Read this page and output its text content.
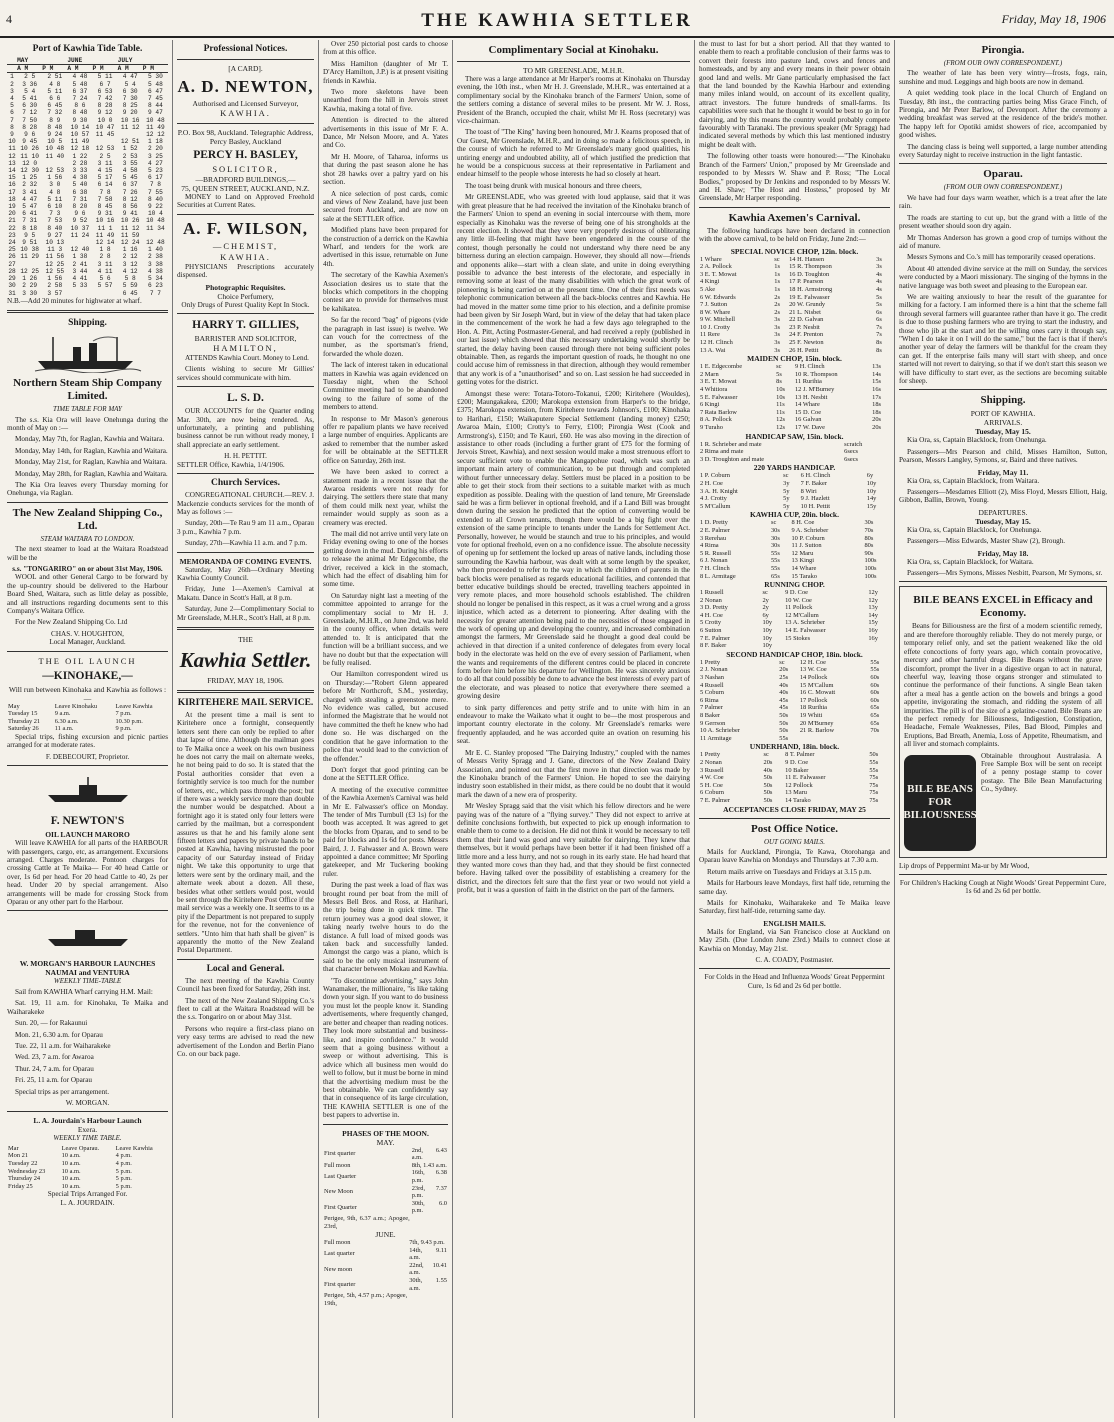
4	THE KAWHIA SETTLER	Friday, May 18, 1906
Port of Kawhia Tide Table.
	MAY		JUNE		JULY	
	A M	P M	A M	P M	A M	P M
1	2 5	2 51	4 48	5 11	4 47	5 30
2	3 36	4 8	5 48	6 7	5 4	5 48
3	5 4	5 11	6 37	6 53	6 30	6 47
4	5 41	6 6	7 24	7 42	7 30	7 45
5	6 30	6 45	8 6	8 28	8 25	8 44
6	7 12	7 32	8 48	9 12	9 20	9 47
7	7 50	8 9	9 30	10 0	10 16	10 48
8	8 28	8 48	10 14	10 47	11 12	11 49
9	9 6	9 24	10 57	11 45		12 12
10	9 45	10 5	11 49		12 51	1 18
11	10 26	10 48	12 18	12 53	1 52	2 20
12	11 10	11 40	1 22	2 5	2 53	3 25
13	12 0		2 28	3 11	3 55	4 27
14	12 30	12 53	3 33	4 15	4 58	5 23
15	1 25	1 56	4 38	5 17	5 45	6 17
16	2 32	3 0	5 40	6 14	6 37	7 8
17	3 41	4 8	6 38	7 8	7 26	7 55
18	4 47	5 11	7 31	7 58	8 12	8 40
19	5 47	6 10	8 20	8 45	8 56	9 22
20	6 41	7 3	9 6	9 31	9 41	10 4
21	7 31	7 53	9 52	10 16	10 26	10 48
22	8 18	8 40	10 37	11 1	11 12	11 34
23	9 5	9 27	11 24	11 49	11 59	
24	9 51	10 13		12 14	12 24	12 48
25	10 38	11 3	12 40	1 8	1 16	1 40
26	11 29	11 56	1 38	2 8	2 12	2 38
27		12 25	2 41	3 11	3 12	3 38
28	12 25	12 55	3 44	4 11	4 12	4 38
29	1 26	1 56	4 41	5 6	5 8	5 34
30	2 29	2 58	5 33	5 57	5 59	6 23
31	3 30	3 57			6 45	7 7

N.B.—Add 20 minutes for highwater at wharf.

Shipping.
Northern Steam Ship Company Limited.
TIME TABLE FOR MAY

The s.s. Kia Ora will leave Onehunga during the month of May on :—

Monday, May 7th, for Raglan, Kawhia and Waitara.

Monday, May 14th, for Raglan, Kawhia and Waitara.

Monday, May 21st, for Raglan, Kawhia and Waitara.

Monday, May 28th, for Raglan, Kawhia and Waitara.

The Kia Ora leaves every Thursday morning for Onehunga, via Raglan.

The New Zealand Shipping Co., Ltd.
STEAM WAITARA TO LONDON.

The next steamer to load at the Waitara Roadstead will be the

s.s. "TONGARIRO" on or about 31st May, 1906.

WOOL and other General Cargo to be forward by the up-country should be delivered to the Harbour Board Shed, Waitara, such as little delay as possible, and all instructions regarding documents sent to this Company's Waitara Office.

For the New Zealand Shipping Co. Ltd

CHAS. V. HOUGHTON,
Local Manager, Auckland.
THE OIL LAUNCH
—KINOHAKE,—
Will run between Kinohaka and Kawhia as follows :—
May	Leave Kinohaku	Leave Kawhia
Tuesday 15	9 a.m.	7 p.m.
Thursday 21	6.30 a.m.	10.30 p.m.
Saturday 26	11 a.m.	9 p.m.

Special trips, fishing excursion and picnic parties arranged for at moderate rates.

F. DEBECOURT, Proprietor.
F. NEWTON'S
OIL LAUNCH MARORO

Will leave KAWHIA for all parts of the HARBOUR with passengers, cargo, etc, as arrangement. Excursions arranged. Charges moderate. Pontoon charges for crossing Cattle at Te Maika— For 40 head Cattle or over, 1s 6d per head. For 20 head Cattle to 40, 2s per head. Under 20 by special arrangement. Also arrangements will be made for crossing Stock from Oparau or any other part fo the Harbour.

W. MORGAN'S HARBOUR LAUNCHES NAUMAI and VENTURA
WEEKLY TIME-TABLE

Sail from KAWHIA Wharf carrying H.M. Mail:

Sat. 19, 11 a.m. for Kinohaku, Te Maika and Waiharakeke

Sun. 20, — for Rakaunui

Mon. 21, 6.30 a.m. for Oparau

Tue. 22, 11 a.m. for Waiharakeke

Wed. 23, 7 a.m. for Awaroa

Thur. 24, 7 a.m. for Oparau

Fri. 25, 11 a.m. for Oparau

Special trips as per arrangement.

W. MORGAN.
L. A. Jourdain's Harbour Launch
Exera.
WEEKLY TIME TABLE.
Mar	Leave Oparau.	Leave Kawhia
Mon 21	10 a.m.	4 p.m.
Tuesday 22	10 a.m.	4 p.m.
Wednesday 23	10 a.m.	5 p.m.
Thursday 24	10 a.m.	5 p.m.
Friday 25	10 a.m.	5 p.m.
Special Trips Arranged For.
L. A. JOURDAIN.
Professional Notices.
[A CARD].
A. D. NEWTON,
Authorised and Licensed Surveyor,
KAWHIA.
P.O. Box 98, Auckland. Telegraphic Address, Percy Basley, Auckland
PERCY H. BASLEY,
SOLICITOR,
—BRADFORD BUILDINGS,—
75, QUEEN STREET, AUCKLAND, N.Z.

MONEY to Land on Approved Freehold Securities at Current Rates.

A. F. WILSON,
—CHEMIST,
KAWHIA.

PHYSICIANS Prescriptions accurately dispensed.

Photographic Requisites.
Choice Perfumery,

Only Drugs of Purest Quality Kept In Stock.

HARRY T. GILLIES,
BARRISTER AND SOLICITOR,
HAMILTON,

ATTENDS Kawhia Court. Money to Lend.

Clients wishing to secure Mr Gillies' services should communicate with him.

L. S. D.

OUR ACCOUNTS for the Quarter ending Mar. 30th, are now being rendered. As, unfortunately, a printing and publishing business cannot be run without ready money, I shall appreciate an early settlement.

H. H. PETTIT.

SETTLER Office, Kawhia, 1/4/1906.

Church Services.

CONGREGATIONAL CHURCH.—REV. J. Mackenzie conducts services for the month of May as follows :—

Sunday, 20th—Te Rau 9 am 11 a.m., Oparau 3 p.m., Kawhia 7 p.m.

Sunday, 27th—Kawhia 11 a.m. and 7 p.m.

MEMORANDA OF COMING EVENTS.

Saturday, May 26th—Ordinary Meeting Kawhia County Council.

Friday, June 1—Axemen's Carnival at Makatu. Dance in Scott's Hall, at 8 p.m.

Saturday, June 2—Complimentary Social to Mr Greenslade, M.H.R., Scott's Hall, at 8 p.m.

THE
Kawhia Settler.
FRIDAY, MAY 18, 1906.
KIRITEHERE MAIL SERVICE.

At the present time a mail is sent to Kiritehere once a fortnight, consequently letters sent there can only be replied to after that lapse of time. Although the mailman goes to Te Maika once a week on his own business he does not carry the mail on alternate weeks, he not being paid to do so. It is stated that the Postal authorities consider that even a fortnightly service is too much for the number of letters, etc., which pass through the post; but if there was a weekly service more than double the number would be despatched. About a fortnight ago it is stated only four letters were carried by the mailman, but a correspondent assures us that he and his family alone sent fifteen letters and papers by private hands to be posted at Kawhia, having mistrusted the poor capacity of our Saturday instead of Friday night. We take this opportunity to urge that letters were sent by the ordinary mail, and the alternate week about a dozen. All these, besides what other settlers would post, would be sent through the Kiritehere Post Office if the mail service was a weekly one. It seems to us a pity if the Department is not prepared to supply for the revenue, not for the convenience of settlers. "Unto him that hath shall be given" is apparently the motto of the New Zealand Postal Department.

Local and General.

The next meeting of the Kawhia County Council has been fixed for Saturday, 26th inst.

The next of the New Zealand Shipping Co.'s fleet to call at the Waitara Roadstead will be the s.s. Tongariro on or about May 31st.

Persons who require a first-class piano on very easy terms are advised to read the new advertisement of the London and Berlin Piano Co. on our back page.

Over 250 pictorial post cards to choose from at this office.

Miss Hamilton (daughter of Mr T. D'Arcy Hamilton, J.P.) is at present visiting friends in Kawhia.

Two more skeletons have been unearthed from the hill in Jervois street Kawhia, making a total of five.

Attention is directed to the altered advertisements in this issue of Mr F. A. Dance, Mr Nelson Moore, and A. Yates and Co.

Mr H. Moore, of Taharoa, informs us that during the past season alone he has shot 28 hawks over a paltry yard on his section.

A nice selection of post cards, comic and views of New Zealand, have just been secured from Auckland, and are now on sale at the SETTLER office.

Modified plans have been prepared for the construction of a derrick on the Kawhia Wharf, and tenders for the work are advertised in this issue, returnable on June 4th.

The secretary of the Kawhia Axemen's Association desires us to state that the blocks which competitors in the chopping contest are to provide for themselves must be kahikatea.

So far the record "bag" of pigeons (vide the paragraph in last issue) is twelve. We can vouch for the correctness of the number, as the sportsman's friend, forwarded the whole dozen.

The lack of interest taken in educational matters in Kawhia was again evidenced on Tuesday night, when the School Committee meeting had to be abandoned owing to the failure of some of the members to attend.

In response to Mr Mason's generous offer re papalium plants we have received a large number of enquiries. Applicants are asked to remember that the number asked for will be obtainable at the SETTLER office on Saturday, 26th inst.

We have been asked to correct a statement made in a recent issue that the Awaroa residents were not ready for dairying. The settlers there state that many of them could milk next year, whilst the remainder would supply as soon as a creamery was erected.

The mail did not arrive until very late on Friday evening owing to one of the horses getting down in the mud. During his efforts to release the animal Mr Edgecombe, the driver, received a kick in the stomach, which had the effect of disabling him for some time.

On Saturday night last a meeting of the committee appointed to arrange for the complimentary social to Mr H. J. Greenslade, M.H.R., on June 2nd, was held in the county office, when details were attended to. It is anticipated that the function will be a brilliant success, and we have no doubt but that the expectation will be fully realised.

Our Hamilton correspondent wired us on Thursday:—"Robert Glenn appeared before Mr Northcroft, S.M., yesterday, charged with stealing a greenstone mere. No evidence was called, but accused informed the Magistrate that he would not have committed the theft he knew who had done so. He was discharged on the condition that he gave information to the police that would lead to the conviction of the offender."

Don't forget that good printing can be done at the SETTLER Office.

A meeting of the executive committee of the Kawhia Axemen's Carnival was held in Mr E. Falwasser's office on Monday. The tender of Mrs Turnbull (£3 1s) for the booth was accepted. It was agreed to get the blocks from Oparau, and to send to be paid for blocks and 1s 6d for posts. Messrs Baird, J. J. Falwasser and A. Brown were appointed a dance committee; Mr Sporling gatekeeper, and Mr Tuckering booking ruler.

During the past week a load of flax was brought round per boat from the mill of Messrs Bell Bros. and Ross, at Harihari, the trip being done in quick time. The return journey was a good deal slower, it taking nearly twelve hours to do the distance. A full load of mixed goods was taken back and successfully landed. Amongst the cargo was a piano, which is said to be the only musical instrument of that character between Mokau and Kawhia.

"To discontinue advertising," says John Wanamaker, the millionaire, "is like taking down your sign. If you want to do business you must let the people know it. Standing advertisements, where frequently changed, are better and cheaper than reading notices. They look more substantial and business-like, and inspire confidence." It would seem that a going business without a sweep or without advertising. This is advice which all business men would do well to follow, but it must be borne in mind that the advertising medium must be the best obtainable. We can confidently say that in consequence of its large circulation, THE KAWHIA SETTLER is one of the best papers to advertise in.

PHASES OF THE MOON.
MAY.
First quarter	2nd, 6.43 a.m.
Full moon	8th, 1.43 a.m.
Last Quarter	16th, 6.38 p.m.
New Moon	23rd, 7.37 p.m.
First Quarter	30th, 6.0 p.m.
Perigee, 9th, 6.37 a.m.; Apogee, 23rd,	
JUNE.
Full moon	7th, 9.43 p.m.
Last quarter	14th, 9.11 a.m.
New moon	22nd, 10.41 a.m.
First quarter	30th, 1.55 a.m.
Perigee, 5th, 4.57 p.m.; Apogee, 19th,	
Complimentary Social at Kinohaku.
TO MR GREENSLADE, M.H.R.

There was a large attendance at Mr Harper's rooms at Kinohaku on Thursday evening, the 10th inst., when Mr H. J. Greenslade, M.H.R., was entertained at a complimentary social by the Kinohaku branch of the Farmers' Union, some of the settlers coming a distance of several miles to be present. Mr W. J. Ross, President of the Branch, occupied the chair, whilst Mr H. Ross (secretary) was vice-chairman.

The toast of "The King" having been honoured, Mr J. Kearns proposed that of Our Guest, Mr Greenslade, M.H.R., and in doing so made a felicitous speech, in the course of which he referred to Mr Greenslade's many good qualities, his untiring energy and undoubted ability, all of which justified the prediction that he would be a conspicuous success at their representative in Parliament and endear himself to the people whose interests he had so closely at heart.

The toast being drunk with musical honours and three cheers,

Mr GREENSLADE, who was greeted with loud applause, said that it was with great pleasure that he had received the invitation of the Kinohaku branch of the Farmers' Union to spend an evening in social intercourse with them, more especially as Kinohaku was the reverse of being one of his strongholds at the recent election. It showed that they were very properly desirous of obliterating any little ill-feeling that might have been engendered in the course of the contest, though personally he could not understand why there need be any bitterness during an election campaign. However, they should all now—friends and opponents alike—start with a clean slate, and unite in doing everything possible to advance the best interests of the electorate, and especially in removing some at least of the many disabilities with which the great work of pioneering is being carried on at the present time. One of their first needs was telephonic communication between all the back-blocks centres and Kawhia. He had moved in the matter some time prior to his election, and a definite promise had been given by Sir Joseph Ward, but in view of the delay that had taken place in the commencement of the work he had a few days ago telegraphed to the Hon. A. Pitt, Acting Postmaster-General, and had received a reply (published in our last issue) which showed that this necessary undertaking would shortly be started, the delay having been caused through there not being sufficient poles obtainable. Then, as regards the important question of roads, he thought no one could accuse him of remissness in that direction, although they would remember that any work is of a "unauthorised" and so on. Last session he had succeeded in getting votes for the district.

Amongst these were: Totara-Totoro-Tokanui, £200; Kiritehere (Wouldes), £200; Maungakakea, £200; Marokopa extension from Harper's to the bridge, £375; Marokopa extension, from Kiritehere towards Johnson's, £100; Kinohaka to Harihari, £150; Waikaputere Special Settlement (landing money) £250; Awaroa Main, £100; Crotty's to Ferry, £100; Pirongia West (Cook and Armstrong's), £150; and Te Kauri, £60. He was also moving in the direction of assistance to other roads (including a further grant of £75 for the forming of Jervois Street, Kawhia), and next session would make a most strenuous effort to secure sufficient vote to enable the Mangapohue road, which was such an important main artery of communication, to be put through and completed without further unnecessary delay. Settlers must be placed in a position to be able to get their stock from their sections to a suitable market with as much expedition as possible. Dealing with the question of land tenure, Mr Greenslade said he was a firm believer in optional freehold, and if a Land Bill was brought down during the session he predicted that the option of converting would be extended to all Crown tenants, though there would be a big fight over the extension of the same principle to tenants under the Lands for Settlement Act. Personally, however, he would be staunch and true to his principles, and would vote for optional freehold, even on a no confidence issue. The absolute necessity of opening up for settlement the locked up areas of native lands, including those surrounding the Kawhia harbour, was dealt with at some length by the speaker, who then proceeded to refer to the way in which the children of parents in the back blocks were penalised as regards educational facilities, and contended that better educative buildings should be erected, travelling teachers appointed in very remote places, and more household schools established. The children should no longer be penalised in this respect, as it was a cruel wrong and a gross injustice, which acted as a deterrent to pioneering. After dealing with the necessity for greater attention being paid to the necessities of those engaged in the work of opening up and developing the country, and increased combination amongst the farmers, Mr Greenslade said he thought a good deal could be achieved in that direction if a united conference of delegates from every local body in the electorate was held on the eve of every session of Parliament, when the wants and requirements of the different centres could be placed in concrete form before him before his departure for Wellington. He was sincerely anxious to do all that could possibly be done to advance the best interests of every part of the electorate, and was pleased to notice that everywhere there seemed a growing desire

to sink party differences and petty strife and to unite with him in an endeavour to make the Waikato what it ought to be—the most prosperous and important country electorate in the colony. Mr Greenslade's remarks were frequently applauded, and he was accorded quite an ovation on resuming his seat.

Mr E. C. Stanley proposed "The Dairying Industry," coupled with the names of Messrs Verity Spragg and J. Gane, directors of the New Zealand Dairy Association, and pointed out that the first move in that direction was made by the Kinohaku branch of the Farmers' Union. He hoped to see the dairying industry soon established in their midst, as there could be no doubt that it would mark the dawn of a new era of prosperity.

Mr Wesley Spragg said that the visit which his fellow directors and he were paying was of the nature of a "flying survey." They did not expect to arrive at definite conclusions forthwith, but expected to pick up enough information to enable them to come to a decision. He did not think it would be necessary to tell them that their land was good and very suitable for dairying. They knew that themselves, but it would perhaps have been better if it had been finished off a little more and a less hurry, and not so rough in its early state. He had heard that they wanted more cows than they had, and that they should be first connected before. Having talked over the possibility of establishing a creamery for the district, and the directors felt sure that the first year or two would not yield a profit, but it was a question of faith in the district on the part of the farmers.

the must to last for but a short period. All that they wanted to enable them to reach a profitable conclusion of their farms was to convert their forests into pasture land, cows and fences and homesteads, and by any and every means in their power obtain good land and wells. Mr Gane particularly emphasised the fact that the land bounded by the Kawhia Harbour and extending many miles inland would, on account of its excellent quality, attract investors. The future hundreds of small-farms. Its capabilities were such that he thought it would be best to go in for dairying, and by this means the country would probably compete favourably with Taranaki. The previous speaker (Mr Spragg) had indicated several methods by which this last mentioned industry might be dealt with.

The following other toasts were honoured:—"The Kinohaku Branch of the Farmers' Union," proposed by Mr Greenslade and responded to by Messrs W. Shaw and P. Ross; "The Local Bodies," proposed by Dr Jenkins and responded to by Messrs W. and H. Shaw; "The Host and Hostess," proposed by Mr Greenslade, Mr Harper responding.

Kawhia Axemen's Carnival.

The following handicaps have been declared in connection with the above carnival, to be held on Friday, June 2nd:—

SPECIAL NOVICE CHOP, 12in. block.
1 Whare	sc	14 H. Hansen	3s
2 A. Pollock	1s	15 R. Thompson	3s
3 E. T. Mowat	1s	16 D. Toughton	4s
4 Kingi	1s	17 P. Pearson	4s
5 Ake	1s	18 H. Armstrong	4s
6 W. Edwards	2s	19 E. Falwasser	5s
7 J. Sutton	2s	20 W. Grundy	5s
8 W. Whare	2s	21 L. Nisbet	6s
9 W. Mitchell	3s	22 D. Galvan	6s
10 J. Crotty	3s	23 P. Nesbit	7s
11 Rere	3s	24 F. Prenton	7s
12 H. Clinch	3s	25 F. Newton	8s
13 A. Wai	3s	26 H. Pettit	8s
MAIDEN CHOP, 15in. block.
1 E. Edgecombe	sc	9 H. Clinch	13s
2 Marn	5s	10 R. Thompson	14s
3 E. T. Mowat	8s	11 Rurihia	15s
4 Whitiora	10s	12 J. M'Burney	16s
5 E. Falwasser	10s	13 H. Nesbit	17s
6 Kingi	11s	14 Whare	18s
7 Rata Barlow	11s	15 D. Coe	18s
8 A. Pollock	12s	16 Galvan	20s
9 Turaho	12s	17 W. Dave	20s
HANDICAP SAW, 15in. block.
1 R. Schrieber and mate		scratch	
2 Rima and mate		6secs	
3 D. Troughton and mate		6secs	
220 YARDS HANDICAP.
1 P. Coburn	sc	6 H. Clinch	6y
2 H. Coe	3y	7 F. Baker	10y
3 A. H. Knight	5y	8 Wiri	10y
4 J. Crotty	5y	9 J. Hazlett	14y
5 M'Callum	5y	10 H. Pettit	15y
KAWHIA CUP, 20in. block.
1 D. Pretty	sc	8 H. Coe	30s
2 E. Palmer	30s	9 A. Schrieber	70s
3 Rerehau	30s	10 P. Coburn	80s
4 Rima	30s	11 J. Sutton	80s
5 R. Russell	55s	12 Maru	90s
6 J. Nonan	55s	13 Kingi	100s
7 H. Clinch	55s	14 Whare	100s
8 L. Armitage	65s	15 Tarako	100s
RUNNING CHOP.
1 Russell	sc	9 D. Coe	12y
2 Nonan	2y	10 W. Coe	12y
3 D. Pretty	2y	11 Pollock	13y
4 H. Coe	6y	12 M'Callum	14y
5 Crotty	10y	13 A. Schrieber	15y
6 Sutton	10y	14 E. Falwasser	16y
7 E. Palmer	10y	15 Stokes	16y
8 F. Baker	10y		
SECOND HANDICAP CHOP, 18in. block.
1 Pretty	sc	12 H. Coe	55s
2 J. Nonan	20s	13 W. Coe	55s
3 Nashan	25s	14 Pollock	60s
4 Russell	40s	15 M'Callum	60s
5 Coburn	40s	16 C. Mowatt	60s
6 Rima	45s	17 Pollock	60s
7 Palmer	45s	18 Rurihia	65s
8 Baker	50s	19 Whiti	65s
9 Gerrson	50s	20 M'Burney	65s
10 A. Schrieber	50s	21 R. Barlow	70s
11 Armitage	55s		
UNDERHAND, 18in. block.
1 Pretty	sc	8 T. Palmer	50s
2 Nonan	20s	9 D. Coe	55s
3 Russell	40s	10 Baker	55s
4 W. Coe	50s	11 E. Falwasser	75s
5 H. Coe	50s	12 Pollock	75s
6 Coburn	50s	13 Maru	75s
7 E. Palmer	50s	14 Tarako	75s
ACCEPTANCES CLOSE FRIDAY, MAY 25
Post Office Notice.
OUT GOING MAILS.

Mails for Auckland, Pirongia, Te Kawa, Otorohanga and Oparau leave Kawhia on Mondays and Thursdays at 7.30 a.m.

Return mails arrive on Tuesdays and Fridays at 3.15 p.m.

Mails for Harbours leave Mondays, first half tide, returning the same day.

Mails for Kinohaku, Waiharakeke and Te Maika leave Saturday, first half-tide, returning same day.

ENGLISH MAILS.

Mails for England, via San Francisco close at Auckland on May 25th. (Due London June 23rd.) Mails to connect close at Kawhia on Monday, May 21st.

C. A. COADY, Postmaster.

For Colds in the Head and Influenza Woods' Great Peppermint Cure, 1s 6d and 2s 6d per bottle.

Pirongia.
(FROM OUR OWN CORRESPONDENT.)

The weather of late has been very wintry—frosts, fogs, rain, sunshine and mud. Leggings and high boots are now in demand.

A quiet wedding took place in the local Church of England on Tuesday, 8th inst., the contracting parties being Miss Grace Finch, of Pirongia, and Mr Peter Barlow, of Devonport. After the ceremony a wedding breakfast was served at the residence of the bride's mother. The happy left for Opotiki amidst showers of rice, accompanied by good wishes.

The dancing class is being well supported, a large number attending every Saturday night to receive instruction in the light fantastic.

Oparau.
(FROM OUR OWN CORRESPONDENT.)

We have had four days warm weather, which is a treat after the late rain.

The roads are starting to cut up, but the grand with a little of the present weather should soon dry again.

Mr Thomas Anderson has grown a good crop of turnips without the aid of manure.

Messrs Symons and Co.'s mill has temporarily ceased operations.

About 40 attended divine service at the mill on Sunday, the services were conducted by a Maori missionary. The singing of the hymns in the native language was both sweet and pleasing to the European ear.

We are waiting anxiously to hear the result of the guarantee for milking for a factory. I am informed there is a hint that the scheme fall through several farmers will guarantee rather than have it go. The credit is due to those pushing farmers who are trying to start the industry, and those who jib at the start and let the willing ones carry it through say, "When I do take it on I will do the same," but the fact is that if there's another year of delay the farmers will be thankful for the cream they can get. If the enterprise fails many will start with sheep, and once started will not revert to dairying, so that if we don't start this season we will have difficulty to start ever, as the sections are becoming suitable for sheep.

Shipping.
PORT OF KAWHIA.
ARRIVALS.
Tuesday, May 15.

Kia Ora, ss, Captain Blacklock, from Onehunga.

Passengers—Mrs Pearson and child, Misses Hamilton, Sutton, Pearson, Messrs Langley, Symons, sr, Baird and three natives.

Friday, May 11.

Kia Ora, ss, Captain Blacklock, from Waitara.

Passengers—Mesdames Elliott (2), Miss Floyd, Messrs Elliott, Haig, Gibbon, Ballin, Brown, Young.

DEPARTURES.
Tuesday, May 15.

Kia Ora, ss, Captain Blacklock, for Onehunga.

Passengers—Miss Edwards, Master Shaw (2), Brough.

Friday, May 18.

Kia Ora, ss, Captain Blacklock, for Waitara.

Passengers—Mrs Symons, Misses Nesbitt, Pearson, Mr Symons, sr.

BILE BEANS EXCEL in Efficacy and Economy.

Beans for Biliousness are the first of a modern scientific remedy, and are therefore thoroughly reliable. They do not merely purge, or temporary relief only, and set the patient weakened like the old effete concoctions of forty years ago, which contain provocative, mercury and other harmful drugs. Bile Beans without the grave discomfort, prompt the liver in a digestive organ to act in natural, cheerful way, leaving those organs stronger and stimulated to continue the performance of their functions. A single Bean taken after a meal has a gentle action on the bowels and brings a good appetite, invigorating the stomach, and ridding the system of all impurities. The pill is of the size of a gelatine-coated. Bile Beans are the perfect remedy for Biliousness, Indigestion, Constipation, Headache, Female Weaknesses, Piles, Bad Blood, Pimples and Eruptions, Bad Breath, Anemia, Loss of Appetite, Rheumatism, and all liver and stomach complaints.

BILE BEANS FOR BILIOUSNESS

Obtainable throughout Australasia. A Free Sample Box will be sent on receipt of a penny postage stamp to cover postage. The Bile Bean Manufacturing Co., Sydney.

Lip drops of Peppermint Ma-ur by Mr Wood,

For Children's Hacking Cough at Night Woods' Great Peppermint Cure, 1s 6d and 2s 6d per bottle.
